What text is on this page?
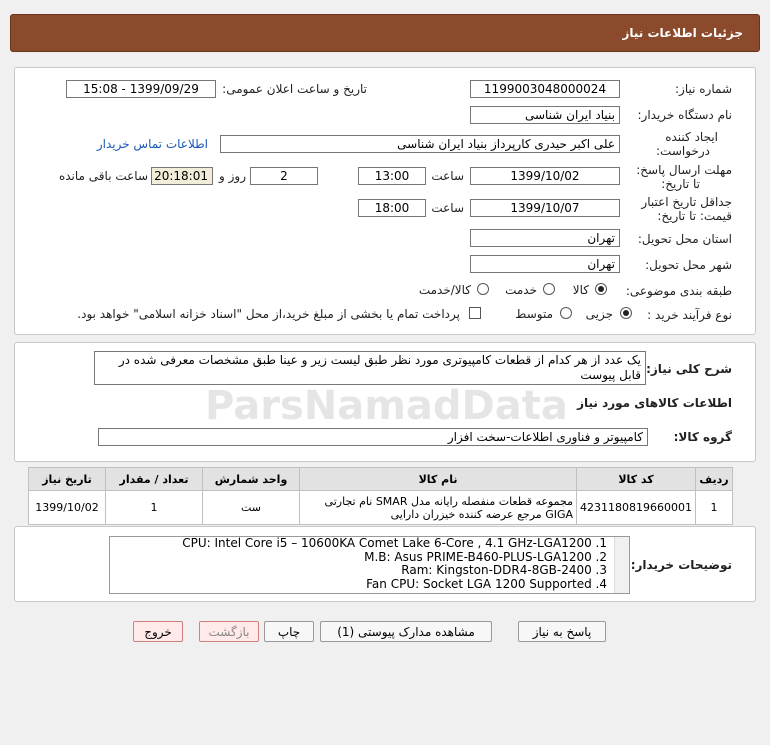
جزئیات اطلاعات نیاز
شماره نیاز:
1199003048000024
تاریخ و ساعت اعلان عمومی:
1399/09/29 - 15:08
نام دستگاه خریدار:
بنیاد ایران شناسی
ایجاد کننده
درخواست:
علی اکبر حیدری کارپرداز بنیاد ایران شناسی
اطلاعات تماس خریدار
مهلت ارسال پاسخ:
تا تاریخ:
1399/10/02
ساعت
13:00
2
روز و
20:18:01
ساعت باقی مانده
جداقل تاریخ اعتبار
قیمت: تا تاریخ:
1399/10/07
ساعت
18:00
استان محل تحویل:
تهران
شهر محل تحویل:
تهران
طبقه بندی موضوعی:
کالا
خدمت
کالا/خدمت
نوع فرآیند خرید :
جزیی
متوسط
پرداخت تمام یا بخشی از مبلغ خرید،از محل "اسناد خزانه اسلامی" خواهد بود.
شرح کلی نیاز:
یک عدد از هر کدام از قطعات کامپیوتری مورد نظر طبق لیست زیر و عینا طبق مشخصات معرفی شده در قابل پیوست
اطلاعات کالاهای مورد نیاز
گروه کالا:
کامپیوتر و فناوری اطلاعات-سخت افزار
ردیف	کد کالا	نام کالا	واحد شمارش	تعداد / مقدار	تاریخ نیاز
1	4231180819660001	مجموعه قطعات منفصله رایانه مدل SMAR نام تجارتی GIGA مرجع عرضه کننده خیزران دارایی	ست	1	1399/10/02
توضیحات خریدار:
CPU: Intel Core i5 – 10600KA Comet Lake 6-Core , 4.1 GHz-LGA1200 .1
M.B: Asus PRIME-B460-PLUS-LGA1200 .2
Ram: Kingston-DDR4-8GB-2400 .3
Fan CPU: Socket LGA 1200 Supported .4
پاسخ به نیاز
مشاهده مدارک پیوستی (1)
چاپ
بازگشت
خروج
ParsNamadData
